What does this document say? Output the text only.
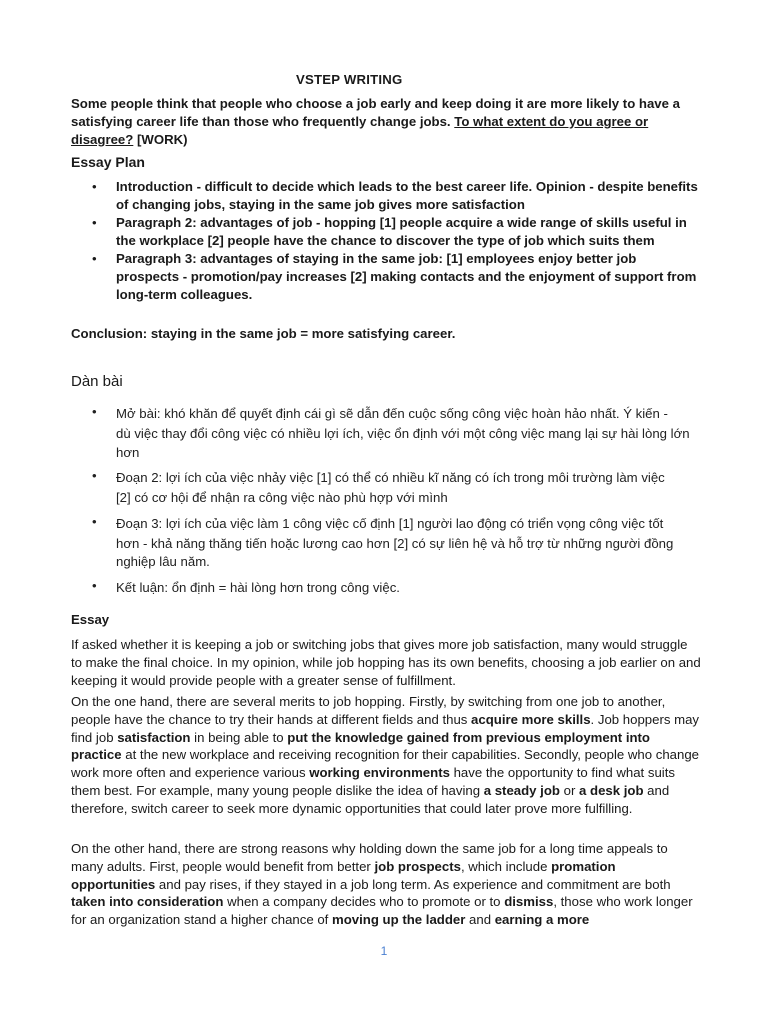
VSTEP WRITING
Some people think that people who choose a job early and keep doing it are more likely to have a satisfying career life than those who frequently change jobs. To what extent do you agree or disagree? [WORK)
Essay Plan
• Introduction - difficult to decide which leads to the best career life. Opinion - despite benefits of changing jobs, staying in the same job gives more satisfaction
• Paragraph 2: advantages of job - hopping [1] people acquire a wide range of skills useful in the workplace [2] people have the chance to discover the type of job which suits them
• Paragraph 3: advantages of staying in the same job: [1] employees enjoy better job prospects - promotion/pay increases [2] making contacts and the enjoyment of support from long-term colleagues.
Conclusion: staying in the same job = more satisfying career.
Dàn bài
• Mở bài: khó khăn để quyết định cái gì sẽ dẫn đến cuộc sống công việc hoàn hảo nhất. Ý kiến -
dù việc thay đổi công việc có nhiều lợi ích, việc ổn định với một công việc mang lại sự hài lòng lớn hơn
• Đoạn 2: lợi ích của việc nhảy việc [1] có thể có nhiều kĩ năng có ích trong môi trường làm việc
[2] có cơ hội để nhận ra công việc nào phù hợp với mình
• Đoạn 3: lợi ích của việc làm 1 công việc cố định [1] người lao động có triển vọng công việc tốt
hơn - khả năng thăng tiến hoặc lương cao hơn [2] có sự liên hệ và hỗ trợ từ những người đồng nghiệp lâu năm.
• Kết luận: ổn định = hài lòng hơn trong công việc.
Essay
If asked whether it is keeping a job or switching jobs that gives more job satisfaction, many would struggle to make the final choice. In my opinion, while job hopping has its own benefits, choosing a job earlier on and keeping it would provide people with a greater sense of fulfillment.
On the one hand, there are several merits to job hopping. Firstly, by switching from one job to another, people have the chance to try their hands at different fields and thus acquire more skills. Job hoppers may find job satisfaction in being able to put the knowledge gained from previous employment into practice at the new workplace and receiving recognition for their capabilities. Secondly, people who change work more often and experience various working environments have the opportunity to find what suits them best. For example, many young people dislike the idea of having a steady job or a desk job and therefore, switch career to seek more dynamic opportunities that could later prove more fulfilling.
On the other hand, there are strong reasons why holding down the same job for a long time appeals to many adults. First, people would benefit from better job prospects, which include promation opportunities and pay rises, if they stayed in a job long term. As experience and commitment are both taken into consideration when a company decides who to promote or to dismiss, those who work longer for an organization stand a higher chance of moving up the ladder and earning a more
1
